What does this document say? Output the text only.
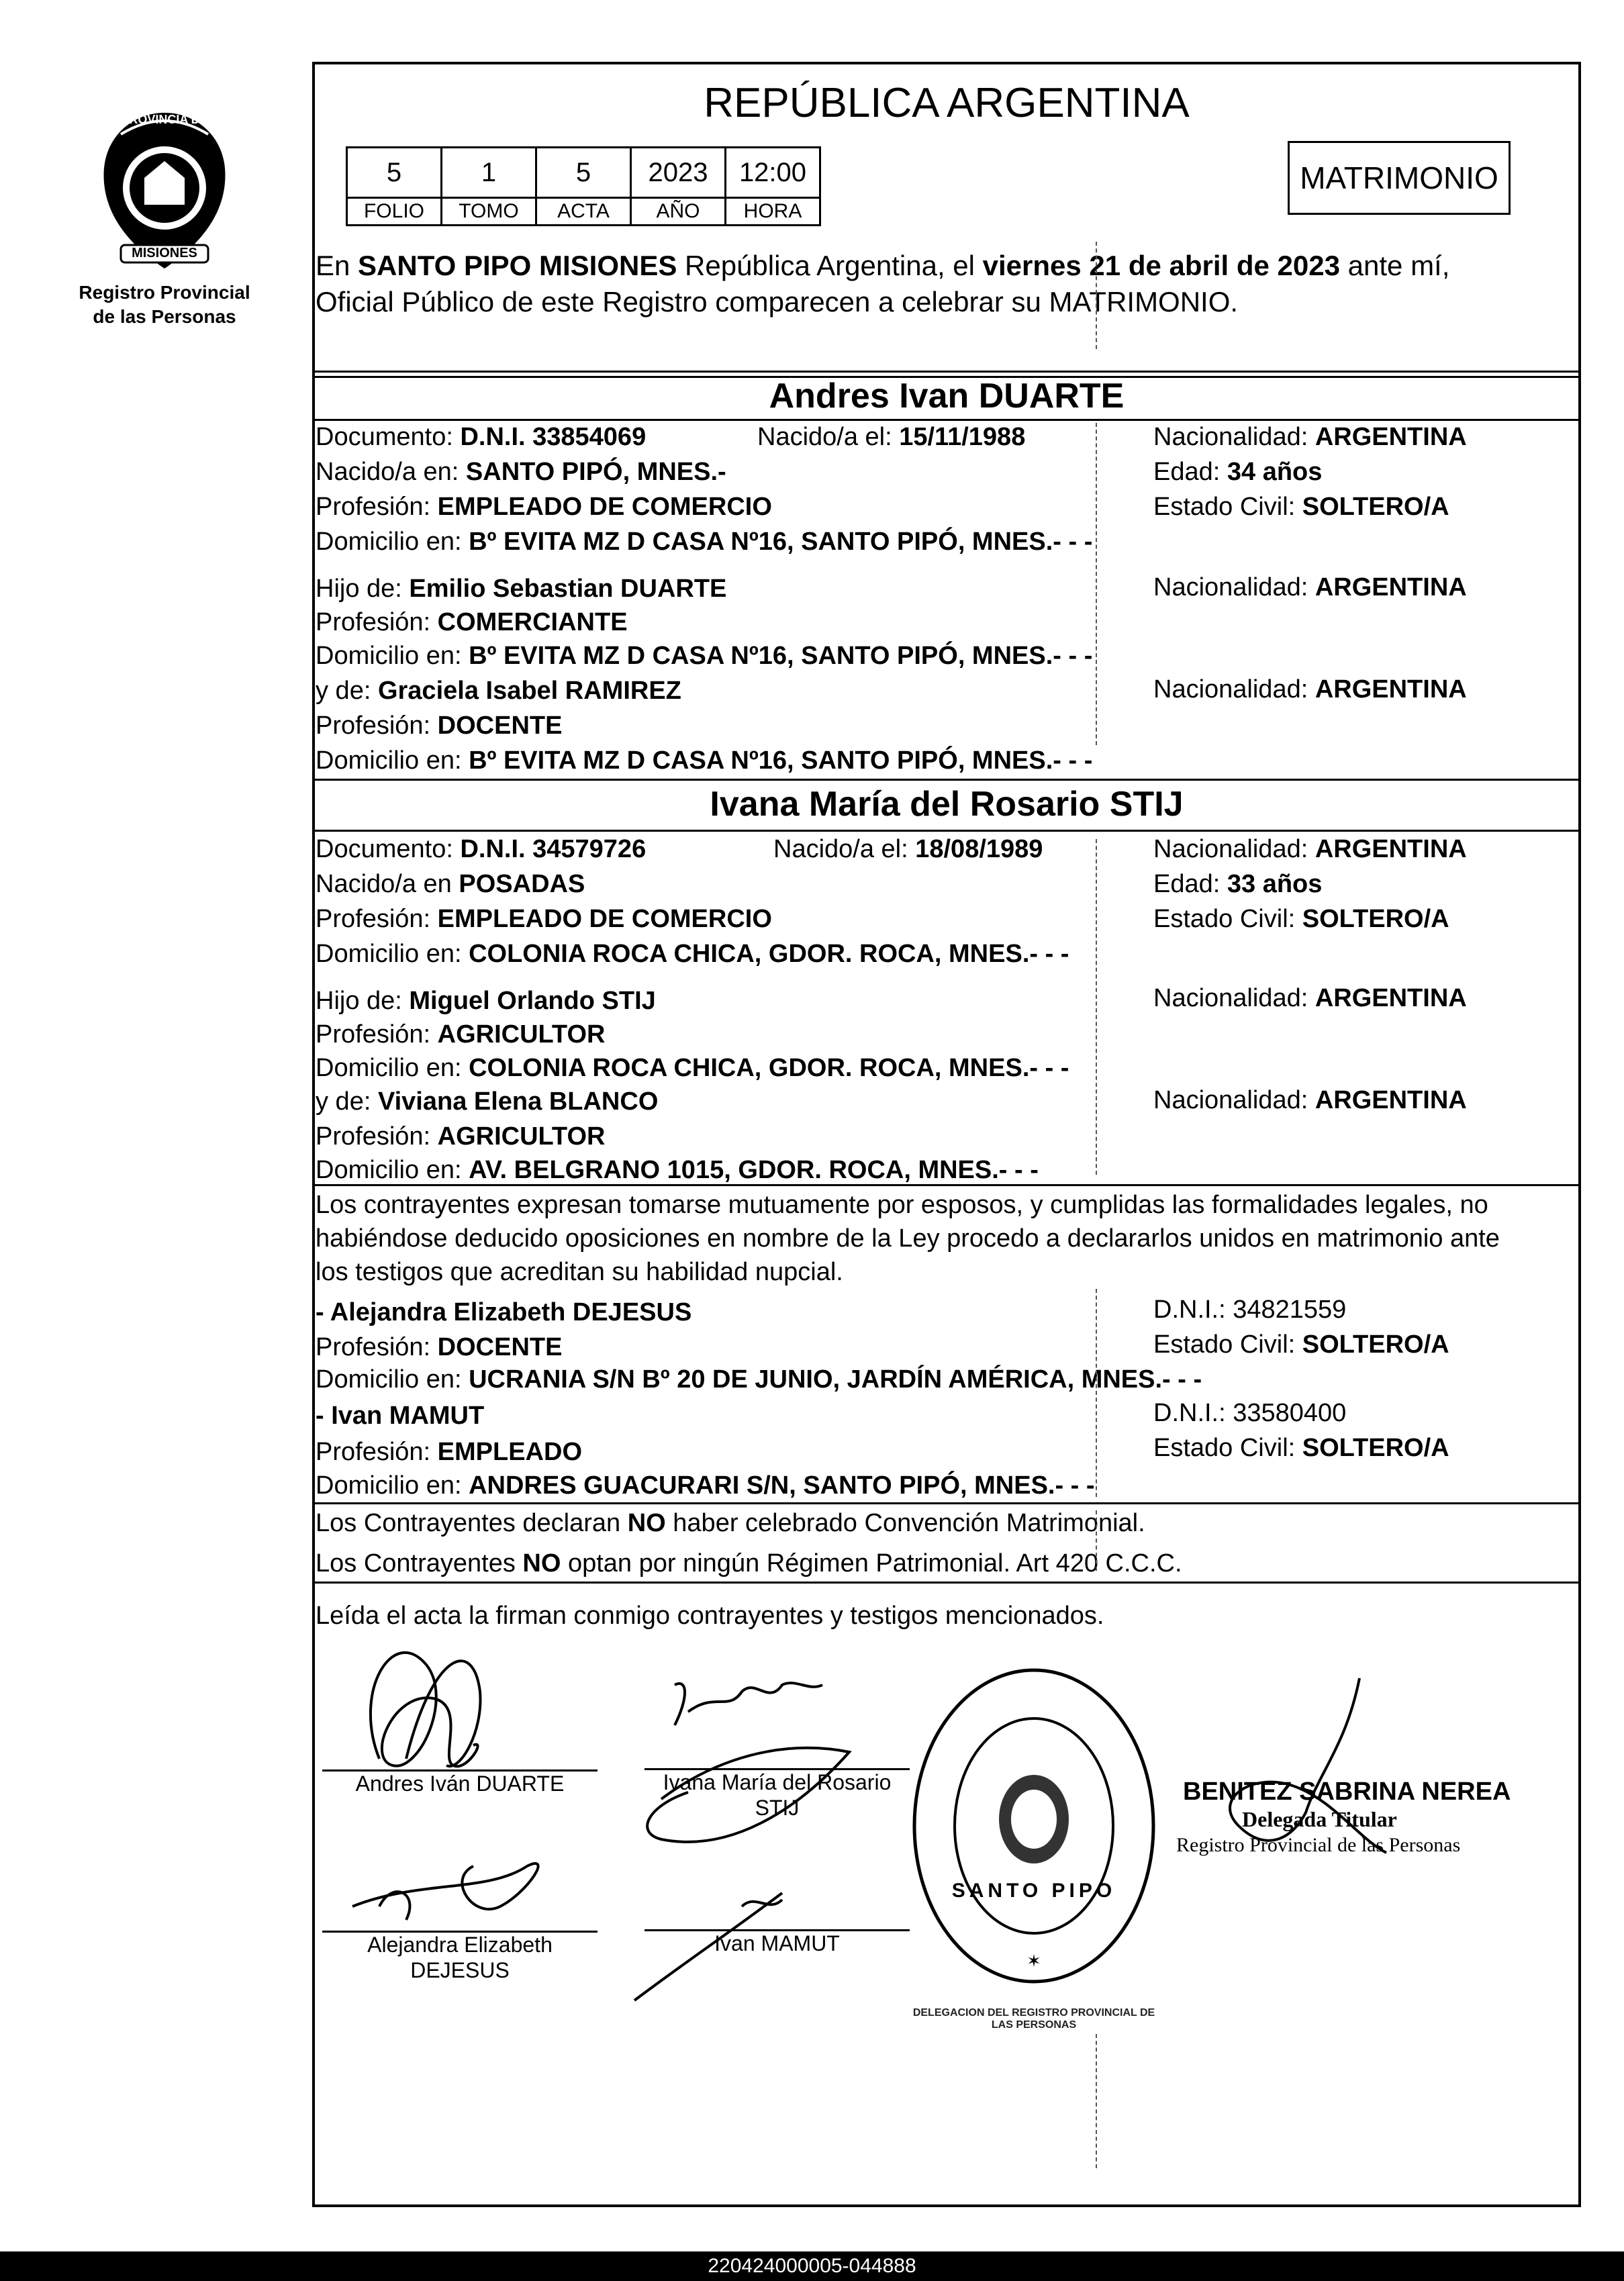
PROVINCIA DE
MISIONES
Registro Provincial
de las Personas
REPÚBLICA ARGENTINA
5	1	5	2023	12:00
FOLIO	TOMO	ACTA	AÑO	HORA
MATRIMONIO
En SANTO PIPO MISIONES República Argentina, el viernes 21 de abril de 2023 ante mí,
Oficial Público de este Registro comparecen a celebrar su MATRIMONIO.
Andres Ivan DUARTE
Documento: D.N.I. 33854069	Nacido/a el: 15/11/1988	Nacionalidad: ARGENTINA
Nacido/a en: SANTO PIPÓ, MNES.-	Edad: 34 años
Profesión: EMPLEADO DE COMERCIO	Estado Civil: SOLTERO/A
Domicilio en: Bº EVITA MZ D CASA Nº16, SANTO PIPÓ, MNES.- - -
Hijo de: Emilio Sebastian DUARTE	Nacionalidad: ARGENTINA
Profesión: COMERCIANTE
Domicilio en: Bº EVITA MZ D CASA Nº16, SANTO PIPÓ, MNES.- - -
y de: Graciela Isabel RAMIREZ	Nacionalidad: ARGENTINA
Profesión: DOCENTE
Domicilio en: Bº EVITA MZ D CASA Nº16, SANTO PIPÓ, MNES.- - -
Ivana María del Rosario STIJ
Documento: D.N.I. 34579726	Nacido/a el: 18/08/1989	Nacionalidad: ARGENTINA
Nacido/a en POSADAS	Edad: 33 años
Profesión: EMPLEADO DE COMERCIO	Estado Civil: SOLTERO/A
Domicilio en: COLONIA ROCA CHICA, GDOR. ROCA, MNES.- - -
Hijo de: Miguel Orlando STIJ	Nacionalidad: ARGENTINA
Profesión: AGRICULTOR
Domicilio en: COLONIA ROCA CHICA, GDOR. ROCA, MNES.- - -
y de: Viviana Elena BLANCO	Nacionalidad: ARGENTINA
Profesión: AGRICULTOR
Domicilio en: AV. BELGRANO 1015, GDOR. ROCA, MNES.- - -
Los contrayentes expresan tomarse mutuamente por esposos, y cumplidas las formalidades legales, no
habiéndose deducido oposiciones en nombre de la Ley procedo a declararlos unidos en matrimonio ante
los testigos que acreditan su habilidad nupcial.
- Alejandra Elizabeth DEJESUS	D.N.I.: 34821559
Profesión: DOCENTE	Estado Civil: SOLTERO/A
Domicilio en: UCRANIA S/N Bº 20 DE JUNIO, JARDÍN AMÉRICA, MNES.- - -
- Ivan MAMUT	D.N.I.: 33580400
Profesión: EMPLEADO	Estado Civil: SOLTERO/A
Domicilio en: ANDRES GUACURARI S/N, SANTO PIPÓ, MNES.- - -
Los Contrayentes declaran NO haber celebrado Convención Matrimonial.
Los Contrayentes NO optan por ningún Régimen Patrimonial. Art 420 C.C.C.
Leída el acta la firman conmigo contrayentes y testigos mencionados.
Andres Iván DUARTE	Ivana María del Rosario
STIJ
Alejandra Elizabeth
DEJESUS
Ivan MAMUT
✶
DELEGACION DEL REGISTRO PROVINCIAL DE LAS PERSONAS
SANTO PIPO
BENITEZ SABRINA NEREA
Delegada Titular
Registro Provincial de las Personas
220424000005-044888
